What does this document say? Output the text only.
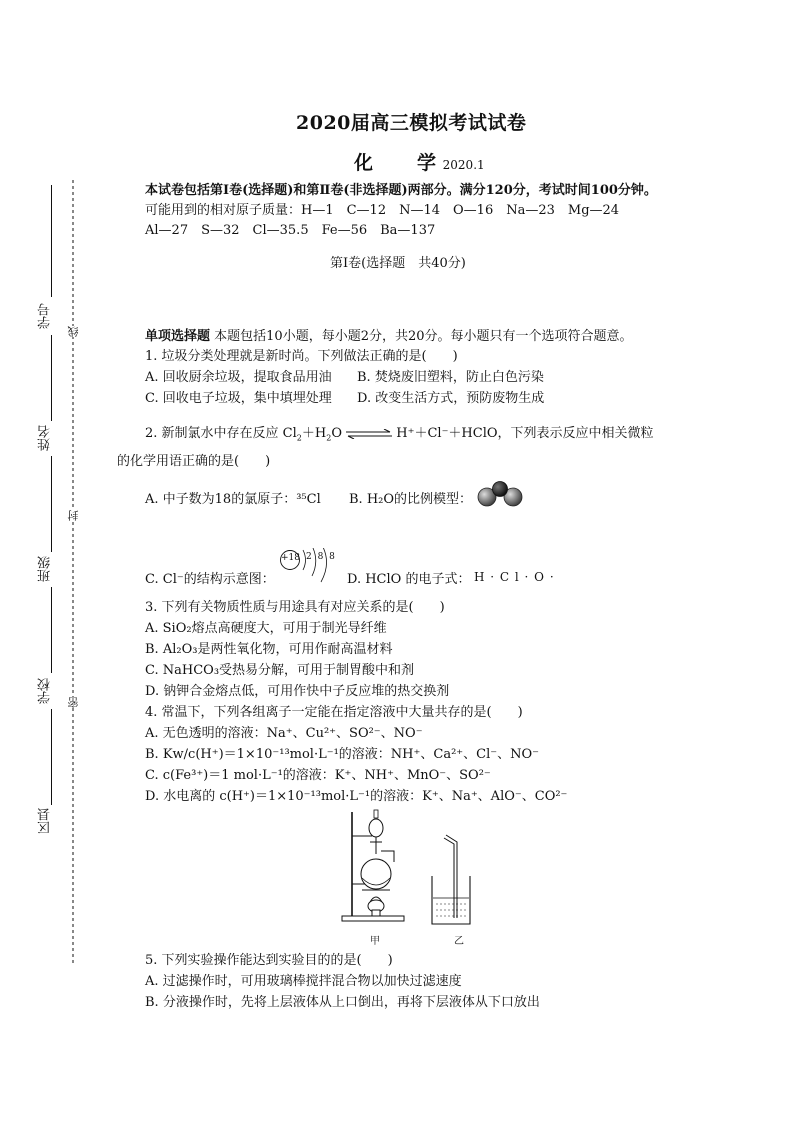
2020届高三模拟考试试卷
化 学 2020.1
学号
姓名
班级
学校
区县
线
封
密
本试卷包括第Ⅰ卷(选择题)和第Ⅱ卷(非选择题)两部分。满分120分，考试时间100分钟。
可能用到的相对原子质量：H—1　C—12　N—14　O—16　Na—23　Mg—24
Al—27　S—32　Cl—35.5　Fe—56　Ba—137
第Ⅰ卷(选择题　共40分)
单项选择题 本题包括10小题，每小题2分，共20分。每小题只有一个选项符合题意。
1. 垃圾分类处理就是新时尚。下列做法正确的是(　　)
A. 回收厨余垃圾，提取食品用油 B. 焚烧废旧塑料，防止白色污染
C. 回收电子垃圾，集中填埋处理 D. 改变生活方式，预防废物生成
2. 新制氯水中存在反应 $Cl_2+H_2O$ ⇌ H⁺＋Cl⁻＋HClO，下列表示反应中相关微粒
的化学用语正确的是(　　)
A. 中子数为18的氯原子：³⁵Cl B. H₂O的比例模型：
C. Cl⁻的结构示意图：
+18 2 8 8
D. HClO 的电子式： H · C l · O ·
3. 下列有关物质性质与用途具有对应关系的是(　　)
A. SiO₂熔点高硬度大，可用于制光导纤维
B. Al₂O₃是两性氧化物，可用作耐高温材料
C. NaHCO₃受热易分解，可用于制胃酸中和剂
D. 钠钾合金熔点低，可用作快中子反应堆的热交换剂
4. 常温下，下列各组离子一定能在指定溶液中大量共存的是(　　)
A. 无色透明的溶液：Na⁺、Cu²⁺、SO²⁻、NO⁻
B. Kw/c(H⁺)＝1×10⁻¹³mol·L⁻¹的溶液：NH⁺、Ca²⁺、Cl⁻、NO⁻
C. c(Fe³⁺)＝1 mol·L⁻¹的溶液：K⁺、NH⁺、MnO⁻、SO²⁻
D. 水电离的 c(H⁺)＝1×10⁻¹³mol·L⁻¹的溶液：K⁺、Na⁺、AlO⁻、CO²⁻
甲	乙
5. 下列实验操作能达到实验目的的是(　　)
A. 过滤操作时，可用玻璃棒搅拌混合物以加快过滤速度
B. 分液操作时，先将上层液体从上口倒出，再将下层液体从下口放出
